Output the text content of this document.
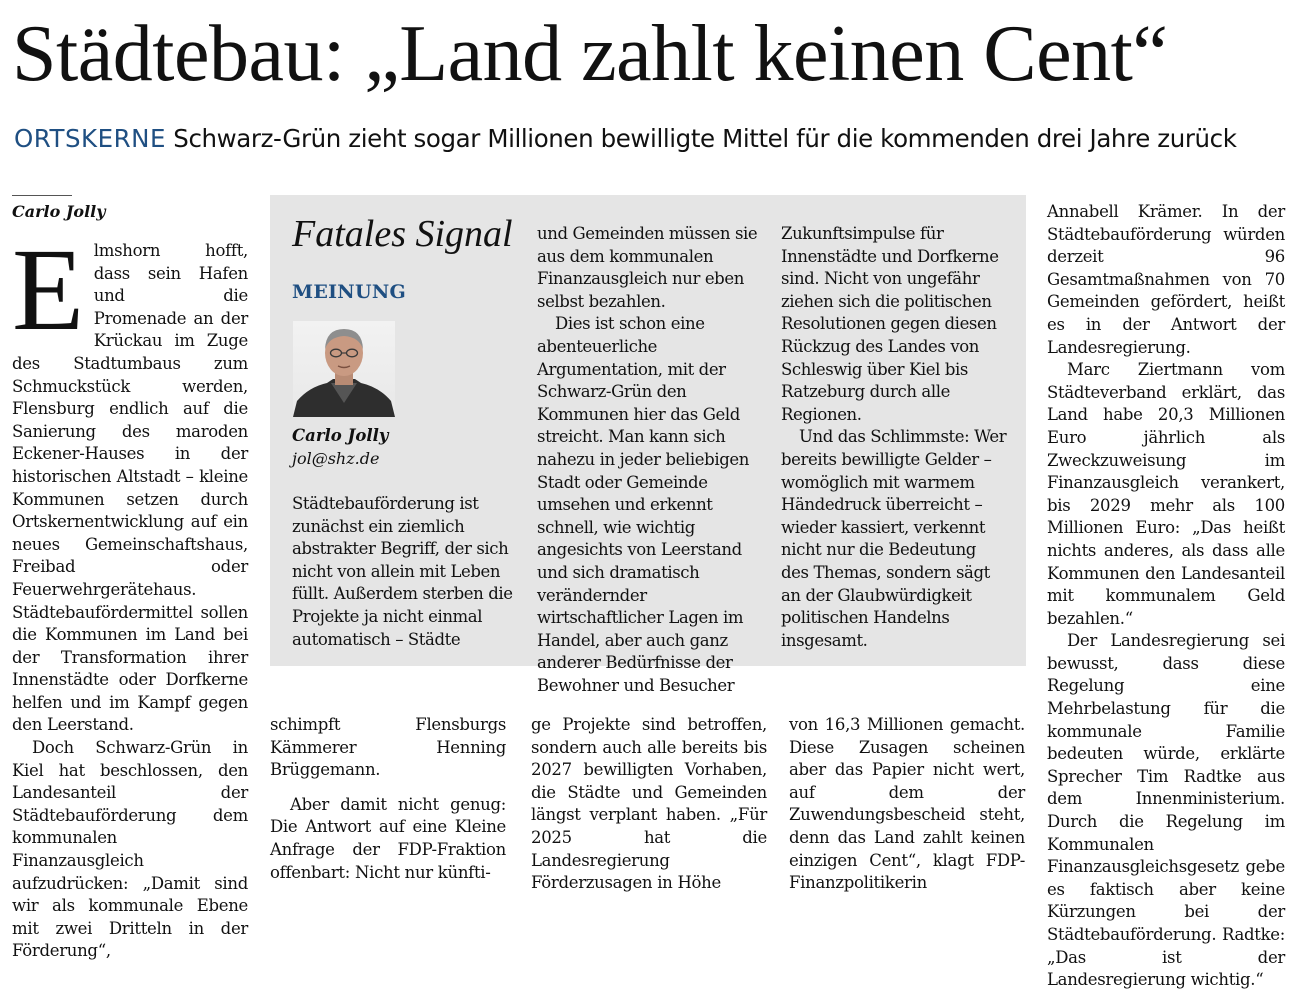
Städtebau: „Land zahlt keinen Cent“
ORTSKERNE Schwarz-Grün zieht sogar Millionen bewilligte Mittel für die kommenden drei Jahre zurück
Carlo Jolly

Elmshorn hofft, dass sein Hafen und die Promenade an der Krückau im Zuge des Stadtumbaus zum Schmuckstück werden, Flensburg endlich auf die Sanierung des maroden Eckener-Hauses in der historischen Altstadt – kleine Kommunen setzen durch Ortskernentwicklung auf ein neues Gemeinschaftshaus, Freibad oder Feuerwehrgerätehaus. Städtebaufördermittel sollen die Kommunen im Land bei der Transformation ihrer Innenstädte oder Dorfkerne helfen und im Kampf gegen den Leerstand.

Doch Schwarz-Grün in Kiel hat beschlossen, den Landesanteil der Städtebauförderung dem kommunalen Finanzausgleich aufzudrücken: „Damit sind wir als kommunale Ebene mit zwei Dritteln in der Förderung“,

Fatales Signal
MEINUNG
Carlo Jolly
jol@shz.de

Städtebauförderung ist zunächst ein ziemlich abstrakter Begriff, der sich nicht von allein mit Leben füllt. Außerdem sterben die Projekte ja nicht einmal automatisch – Städte

und Gemeinden müssen sie aus dem kommunalen Finanzausgleich nur eben selbst bezahlen.

Dies ist schon eine abenteuerliche Argumentation, mit der Schwarz-Grün den Kommunen hier das Geld streicht. Man kann sich nahezu in jeder beliebigen Stadt oder Gemeinde umsehen und erkennt schnell, wie wichtig angesichts von Leerstand und sich dramatisch verändernder wirtschaftlicher Lagen im Handel, aber auch ganz anderer Bedürfnisse der Bewohner und Besucher

Zukunftsimpulse für Innenstädte und Dorfkerne sind. Nicht von ungefähr ziehen sich die politischen Resolutionen gegen diesen Rückzug des Landes von Schleswig über Kiel bis Ratzeburg durch alle Regionen.

Und das Schlimmste: Wer bereits bewilligte Gelder – womöglich mit warmem Händedruck überreicht – wieder kassiert, verkennt nicht nur die Bedeutung des Themas, sondern sägt an der Glaubwürdigkeit politischen Handelns insgesamt.

schimpft Flensburgs Kämmerer Henning Brüggemann.

Aber damit nicht genug: Die Antwort auf eine Kleine Anfrage der FDP-Fraktion offenbart: Nicht nur künfti-

ge Projekte sind betroffen, sondern auch alle bereits bis 2027 bewilligten Vorhaben, die Städte und Gemeinden längst verplant haben. „Für 2025 hat die Landesregierung Förderzusagen in Höhe

von 16,3 Millionen gemacht. Diese Zusagen scheinen aber das Papier nicht wert, auf dem der Zuwendungsbescheid steht, denn das Land zahlt keinen einzigen Cent“, klagt FDP-Finanzpolitikerin

Annabell Krämer. In der Städtebauförderung würden derzeit 96 Gesamtmaßnahmen von 70 Gemeinden gefördert, heißt es in der Antwort der Landesregierung.

Marc Ziertmann vom Städteverband erklärt, das Land habe 20,3 Millionen Euro jährlich als Zweckzuweisung im Finanzausgleich verankert, bis 2029 mehr als 100 Millionen Euro: „Das heißt nichts anderes, als dass alle Kommunen den Landesanteil mit kommunalem Geld bezahlen.“

Der Landesregierung sei bewusst, dass diese Regelung eine Mehrbelastung für die kommunale Familie bedeuten würde, erklärte Sprecher Tim Radtke aus dem Innenministerium. Durch die Regelung im Kommunalen Finanzausgleichsgesetz gebe es faktisch aber keine Kürzungen bei der Städtebauförderung. Radtke: „Das ist der Landesregierung wichtig.“
